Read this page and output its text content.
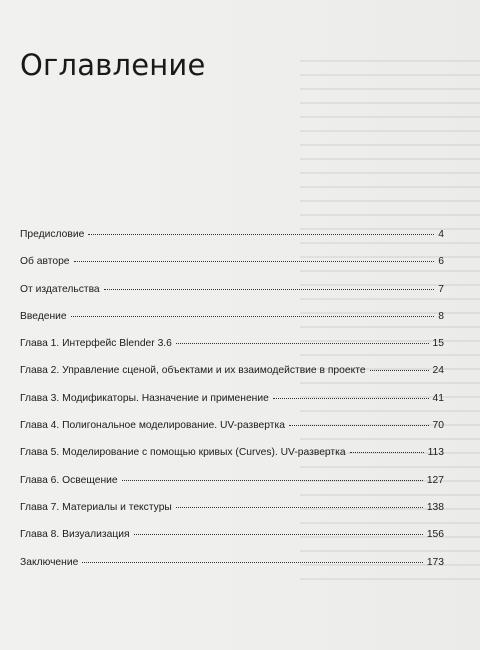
Оглавление
Предисловие	4
Об авторе	6
От издательства	7
Введение	8
Глава 1. Интерфейс Blender 3.6	15
Глава 2. Управление сценой, объектами и их взаимодействие в проекте	24
Глава 3. Модификаторы. Назначение и применение	41
Глава 4. Полигональное моделирование. UV-развертка	70
Глава 5. Моделирование с помощью кривых (Curves). UV-развертка	113
Глава 6. Освещение	127
Глава 7. Материалы и текстуры	138
Глава 8. Визуализация	156
Заключение	173
